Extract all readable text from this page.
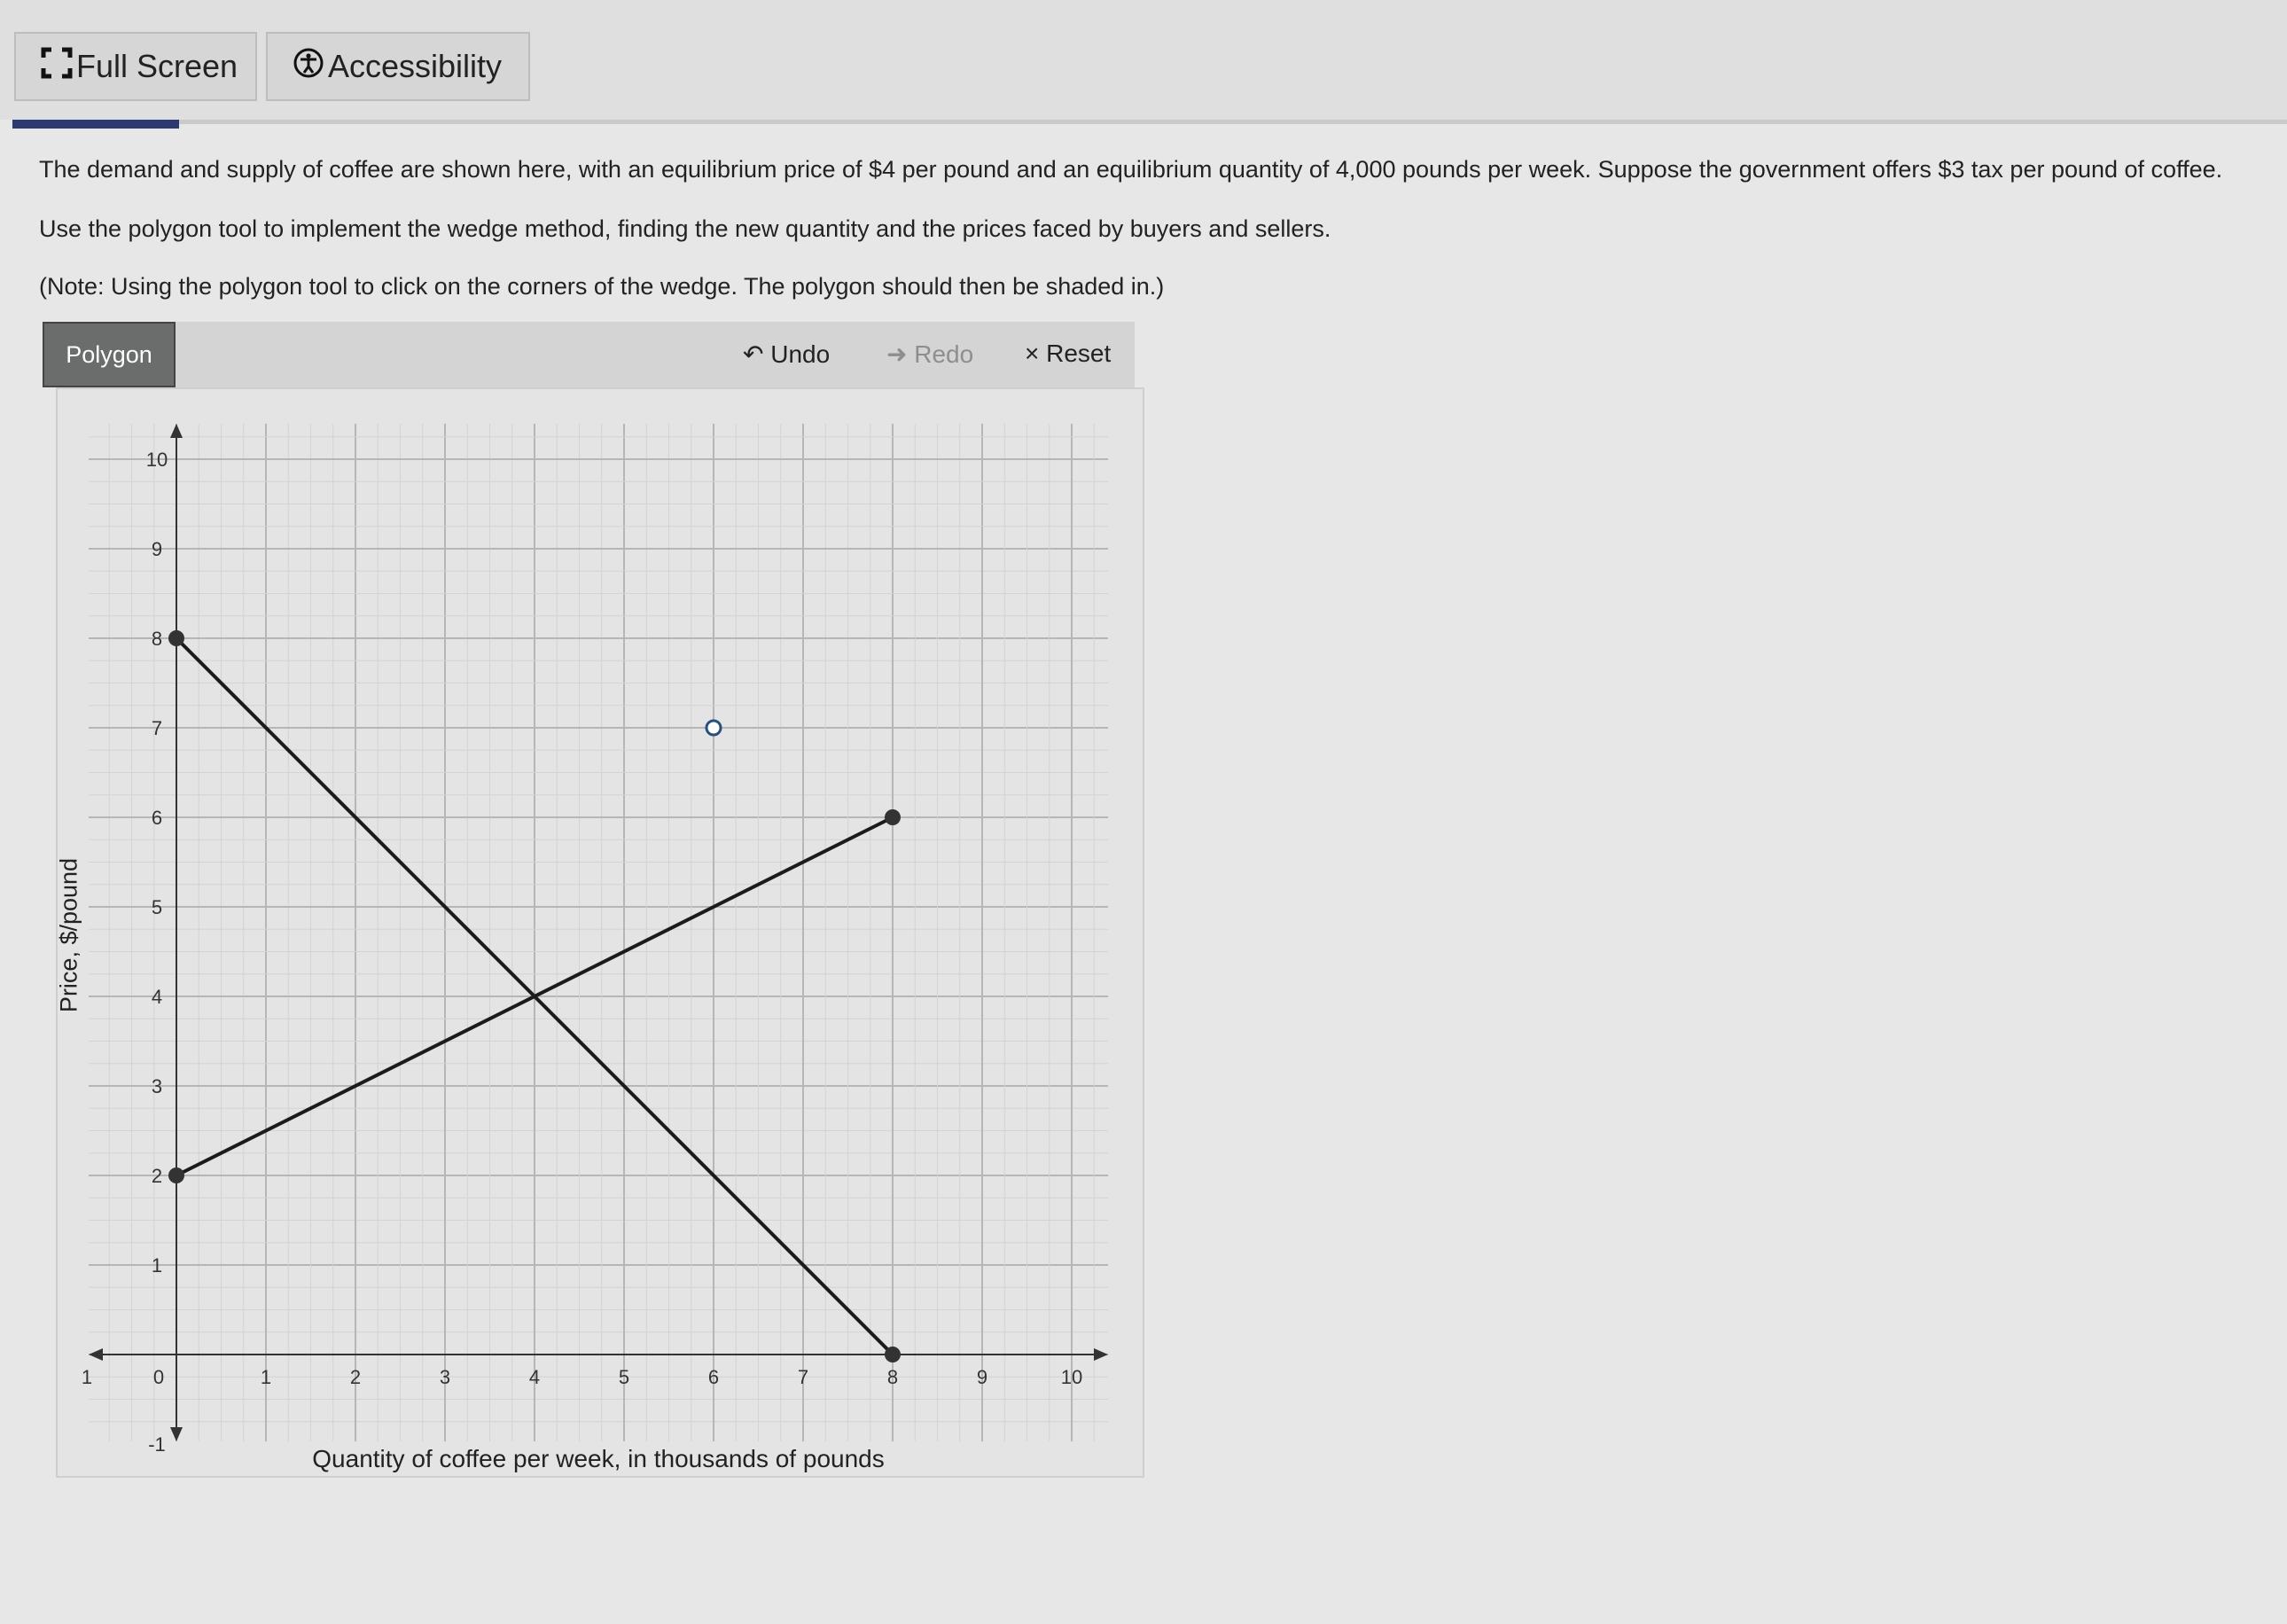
Full Screen	Accessibility
The demand and supply of coffee are shown here, with an equilibrium price of $4 per pound and an equilibrium quantity of 4,000 pounds per week. Suppose the government offers $3 tax per pound of coffee.
Use the polygon tool to implement the wedge method, finding the new quantity and the prices faced by buyers and sellers.
(Note: Using the polygon tool to click on the corners of the wedge. The polygon should then be shaded in.)
Polygon	↶ Undo ➜ Redo × Reset
1	0	1	2	3	4	5	6	7	8	9	10
-1
1
2
3
4
5
6
7
8
9
10
Price, $/pound
Quantity of coffee per week, in thousands of pounds
